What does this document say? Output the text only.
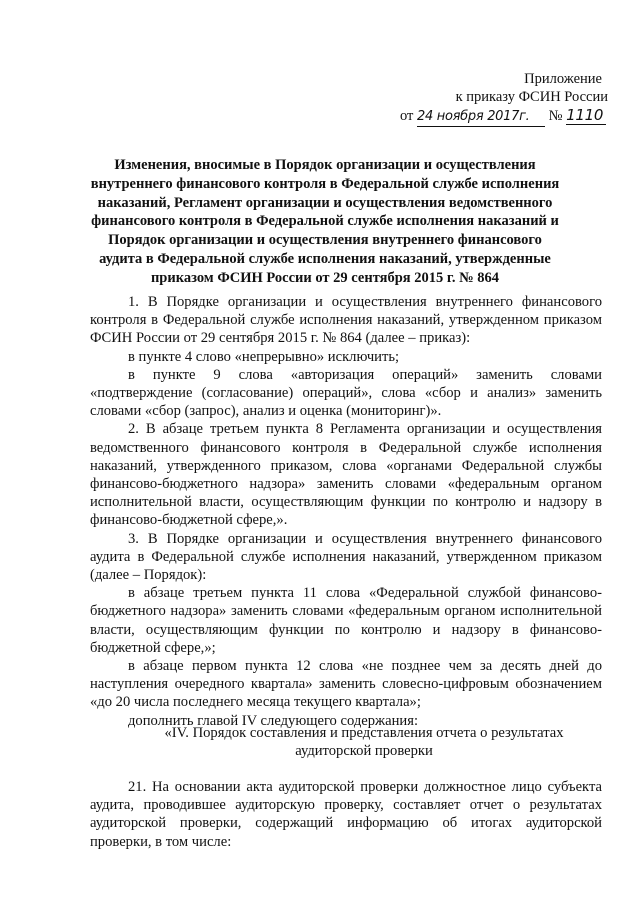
Приложение
к приказу ФСИН России
от 24 ноября 2017г. № 1110
Изменения, вносимые в Порядок организации и осуществления внутреннего финансового контроля в Федеральной службе исполнения наказаний, Регламент организации и осуществления ведомственного финансового контроля в Федеральной службе исполнения наказаний и Порядок организации и осуществления внутреннего финансового аудита в Федеральной службе исполнения наказаний, утвержденные приказом ФСИН России от 29 сентября 2015 г. № 864

1. В Порядке организации и осуществления внутреннего финансового контроля в Федеральной службе исполнения наказаний, утвержденном приказом ФСИН России от 29 сентября 2015 г. № 864 (далее – приказ):

в пункте 4 слово «непрерывно» исключить;

в пункте 9 слова «авторизация операций» заменить словами «подтверждение (согласование) операций», слова «сбор и анализ» заменить словами «сбор (запрос), анализ и оценка (мониторинг)».

2. В абзаце третьем пункта 8 Регламента организации и осуществления ведомственного финансового контроля в Федеральной службе исполнения наказаний, утвержденного приказом, слова «органами Федеральной службы финансово-бюджетного надзора» заменить словами «федеральным органом исполнительной власти, осуществляющим функции по контролю и надзору в финансово-бюджетной сфере,».

3. В Порядке организации и осуществления внутреннего финансового аудита в Федеральной службе исполнения наказаний, утвержденном приказом (далее – Порядок):

в абзаце третьем пункта 11 слова «Федеральной службой финансово-бюджетного надзора» заменить словами «федеральным органом исполнительной власти, осуществляющим функции по контролю и надзору в финансово-бюджетной сфере,»;

в абзаце первом пункта 12 слова «не позднее чем за десять дней до наступления очередного квартала» заменить словесно-цифровым обозначением «до 20 числа последнего месяца текущего квартала»;

дополнить главой IV следующего содержания:

«IV. Порядок составления и представления отчета о результатах аудиторской проверки

21. На основании акта аудиторской проверки должностное лицо субъекта аудита, проводившее аудиторскую проверку, составляет отчет о результатах аудиторской проверки, содержащий информацию об итогах аудиторской проверки, в том числе:
